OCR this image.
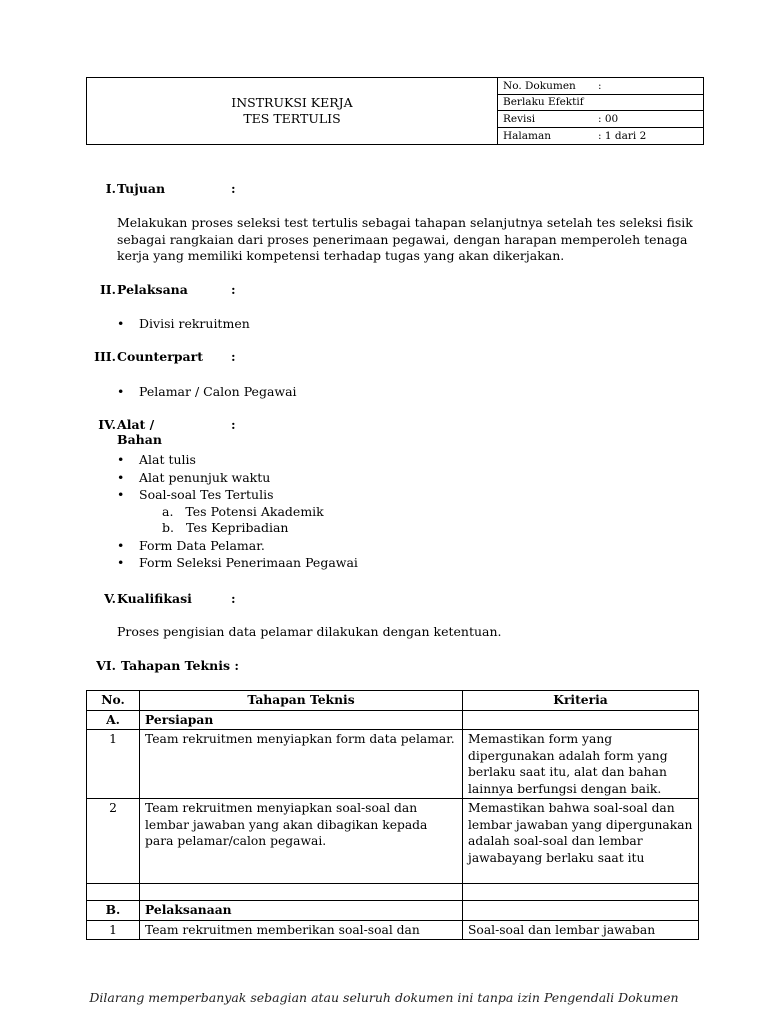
INSTRUKSI KERJA
TES TERTULIS
No. Dokumen	:
Berlaku Efektif
Revisi	: 00
Halaman	: 1 dari 2
I. Tujuan	:
Melakukan proses seleksi test tertulis sebagai tahapan selanjutnya setelah tes seleksi fisik sebagai rangkaian dari proses penerimaan pegawai, dengan harapan memperoleh tenaga kerja yang memiliki kompetensi terhadap tugas yang akan dikerjakan.
II. Pelaksana	:
• Divisi rekruitmen
III. Counterpart :
• Pelamar / Calon Pegawai
IV. Alat / Bahan
:
• Alat tulis
• Alat penunjuk waktu
• Soal-soal Tes Tertulis
a. Tes Potensi Akademik
b. Tes Kepribadian
• Form Data Pelamar.
• Form Seleksi Penerimaan Pegawai
V. Kualifikasi	:
Proses pengisian data pelamar dilakukan dengan ketentuan.
VI. Tahapan Teknis :
No.	Tahapan Teknis	Kriteria
A.	Persiapan	
1	Team rekruitmen menyiapkan form data pelamar.	Memastikan form yang dipergunakan adalah form yang berlaku saat itu, alat dan bahan lainnya berfungsi dengan baik.
2	Team rekruitmen menyiapkan soal-soal dan lembar jawaban yang akan dibagikan kepada para pelamar/calon pegawai.	Memastikan bahwa soal-soal dan lembar jawaban yang dipergunakan adalah soal-soal dan lembar jawabayang berlaku saat itu

B.	Pelaksanaan	
1	Team rekruitmen memberikan soal-soal dan	Soal-soal dan lembar jawaban
Dilarang memperbanyak sebagian atau seluruh dokumen ini tanpa izin Pengendali Dokumen
